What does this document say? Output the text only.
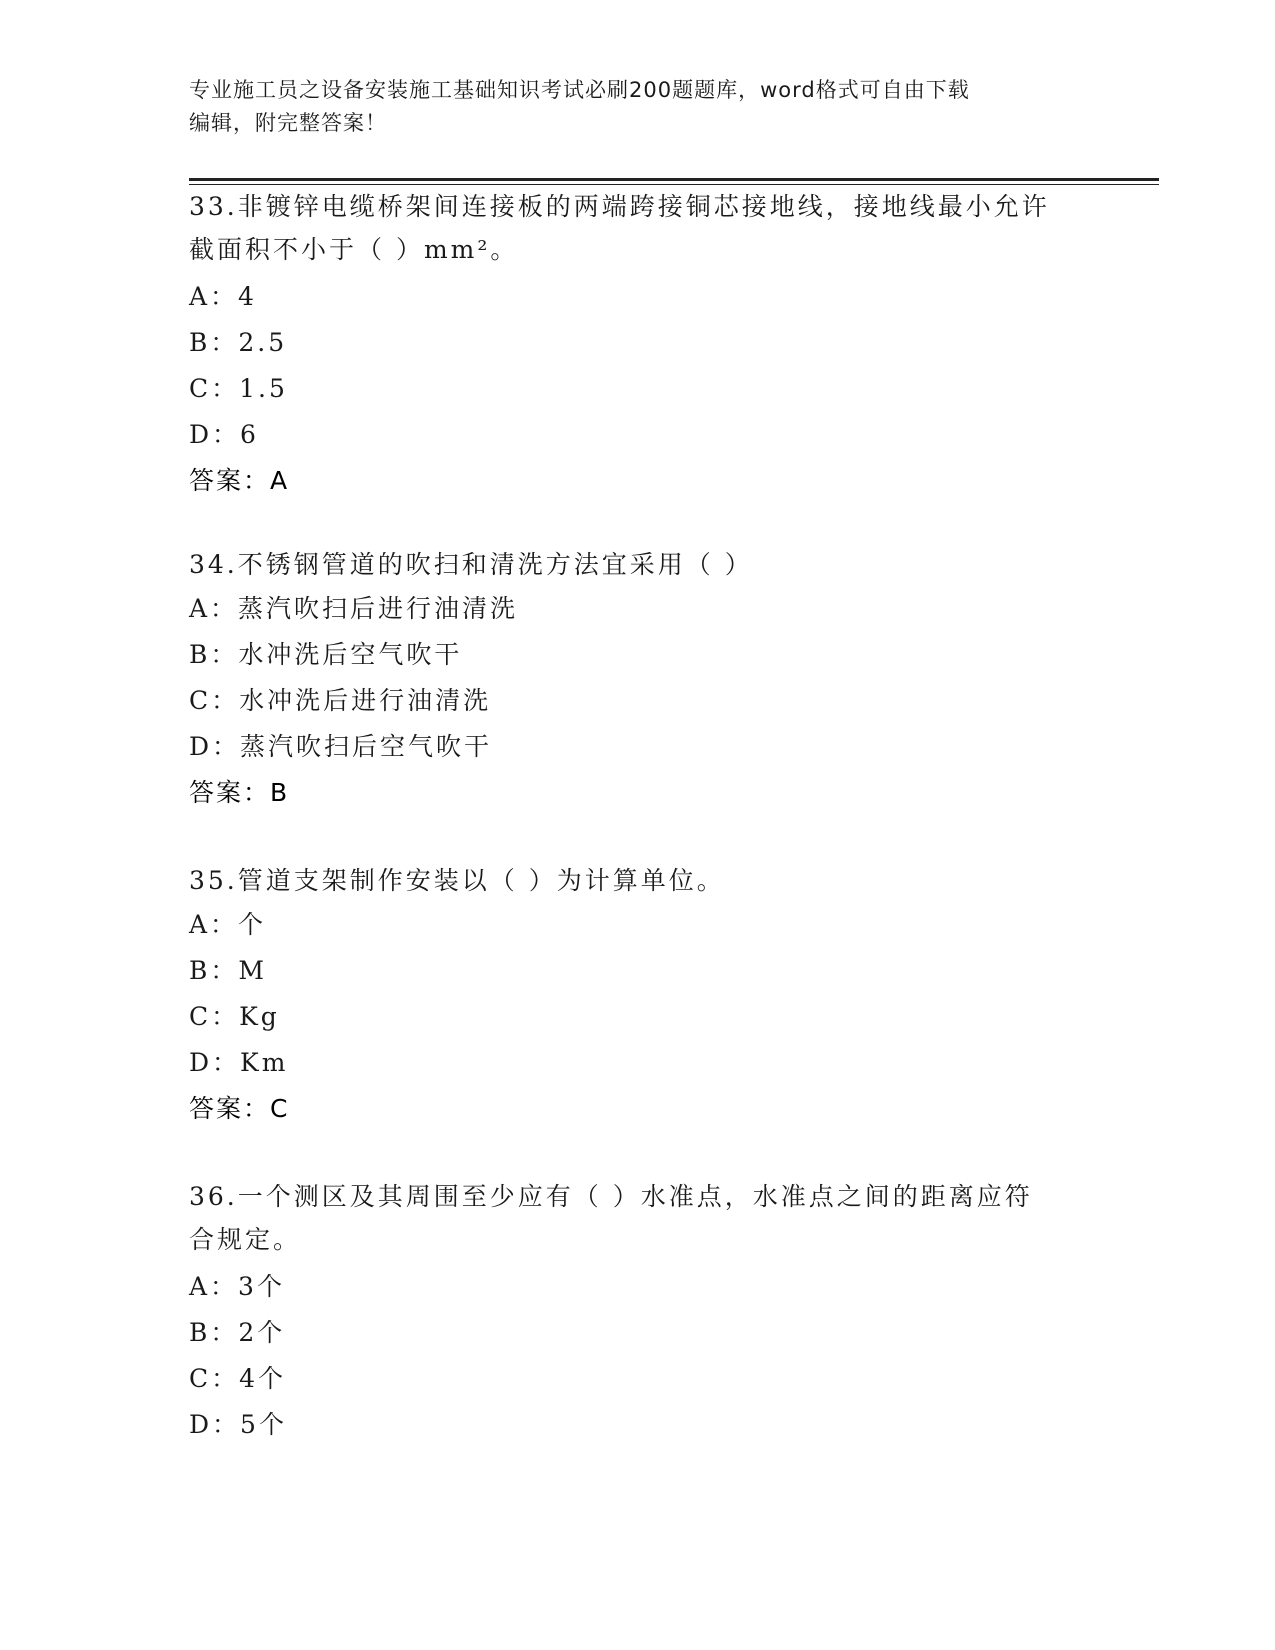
专业施工员之设备安装施工基础知识考试必刷200题题库，word格式可自由下载
编辑，附完整答案！
33.非镀锌电缆桥架间连接板的两端跨接铜芯接地线，接地线最小允许
截面积不小于（ ）mm²。
A：4
B：2.5
C：1.5
D：6
答案：A
34.不锈钢管道的吹扫和清洗方法宜采用（ ）
A：蒸汽吹扫后进行油清洗
B：水冲洗后空气吹干
C：水冲洗后进行油清洗
D：蒸汽吹扫后空气吹干
答案：B
35.管道支架制作安装以（ ）为计算单位。
A：个
B：M
C：Kg
D：Km
答案：C
36.一个测区及其周围至少应有（ ）水准点，水准点之间的距离应符
合规定。
A：3个
B：2个
C：4个
D：5个
